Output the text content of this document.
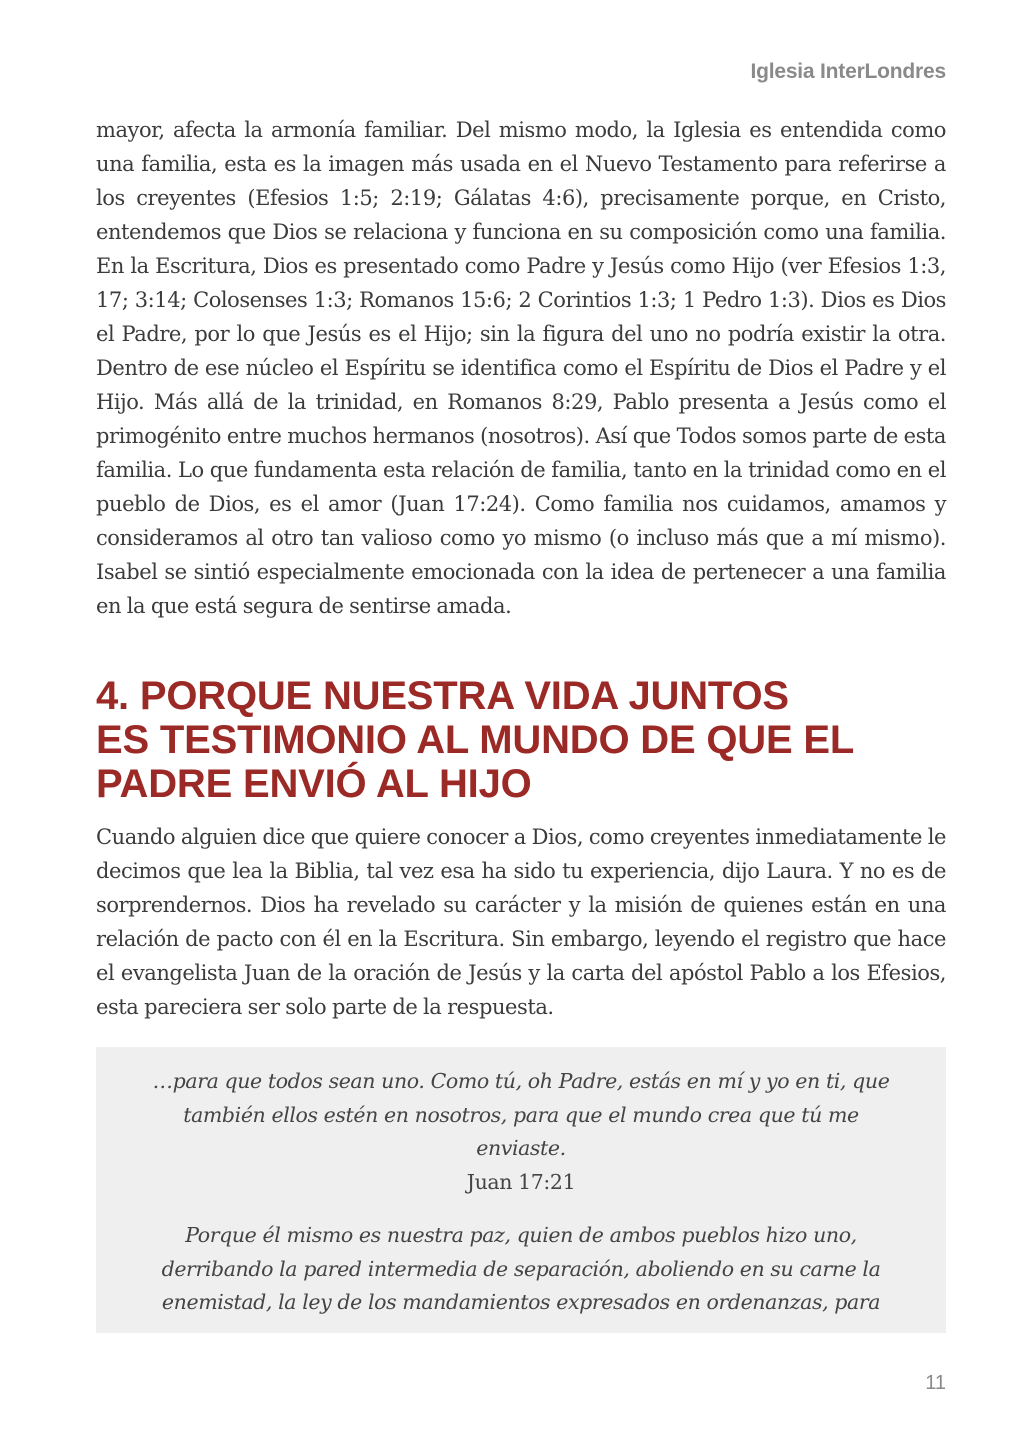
Iglesia InterLondres

mayor, afecta la armonía familiar. Del mismo modo, la Iglesia es entendida como una familia, esta es la imagen más usada en el Nuevo Testamento para referirse a los creyentes (Efesios 1:5; 2:19; Gálatas 4:6), precisamente porque, en Cristo, entendemos que Dios se relaciona y funciona en su composición como una familia. En la Escritura, Dios es presentado como Padre y Jesús como Hijo (ver Efesios 1:3, 17; 3:14; Colosenses 1:3; Romanos 15:6; 2 Corintios 1:3; 1 Pedro 1:3). Dios es Dios el Padre, por lo que Jesús es el Hijo; sin la figura del uno no podría existir la otra. Dentro de ese núcleo el Espíritu se identifica como el Espíritu de Dios el Padre y el Hijo. Más allá de la trinidad, en Romanos 8:29, Pablo presenta a Jesús como el primogénito entre muchos hermanos (nosotros). Así que Todos somos parte de esta familia. Lo que fundamenta esta relación de familia, tanto en la trinidad como en el pueblo de Dios, es el amor (Juan 17:24). Como familia nos cuidamos, amamos y consideramos al otro tan valioso como yo mismo (o incluso más que a mí mismo). Isabel se sintió especialmente emocionada con la idea de pertenecer a una familia en la que está segura de sentirse amada.

4. PORQUE NUESTRA VIDA JUNTOS
ES TESTIMONIO AL MUNDO DE QUE EL
PADRE ENVIÓ AL HIJO

Cuando alguien dice que quiere conocer a Dios, como creyentes inmediatamente le decimos que lea la Biblia, tal vez esa ha sido tu experiencia, dijo Laura. Y no es de sorprendernos. Dios ha revelado su carácter y la misión de quienes están en una relación de pacto con él en la Escritura. Sin embargo, leyendo el registro que hace el evangelista Juan de la oración de Jesús y la carta del apóstol Pablo a los Efesios, esta pareciera ser solo parte de la respuesta.

…para que todos sean uno. Como tú, oh Padre, estás en mí y yo en ti, que también ellos estén en nosotros, para que el mundo crea que tú me enviaste.

Juan 17:21

Porque él mismo es nuestra paz, quien de ambos pueblos hizo uno, derribando la pared intermedia de separación, aboliendo en su carne la enemistad, la ley de los mandamientos expresados en ordenanzas, para

11
